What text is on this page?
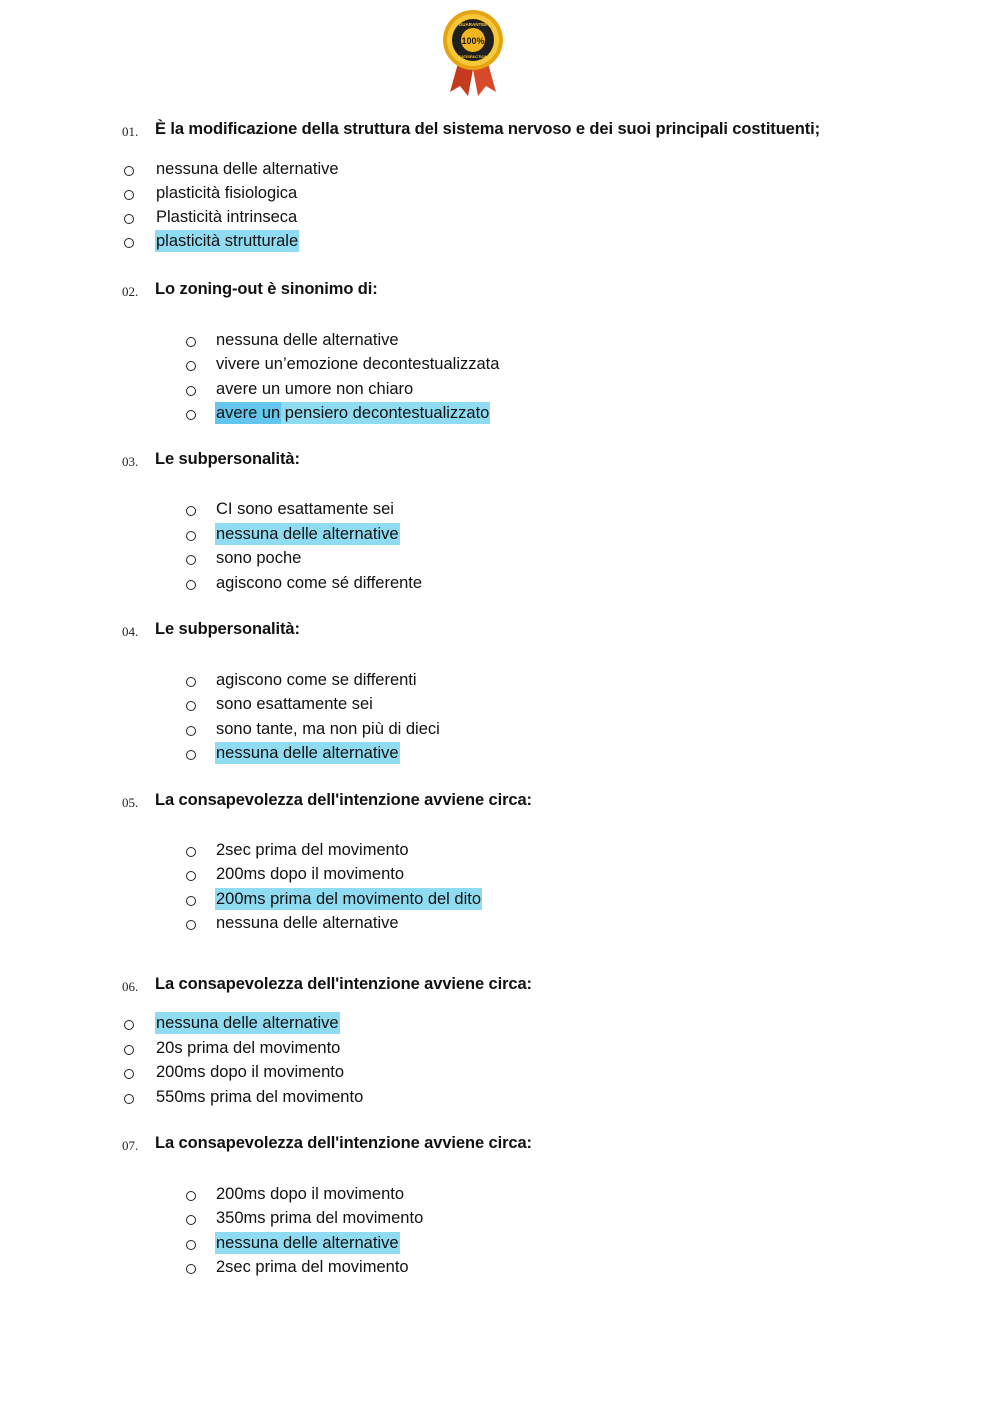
100%
GUARANTEE
SATISFACTION
01. È la modificazione della struttura del sistema nervoso e dei suoi principali costituenti;
nessuna delle alternative
plasticità fisiologica
Plasticità intrinseca
plasticità strutturale
02. Lo zoning-out è sinonimo di:
nessuna delle alternative
vivere un’emozione decontestualizzata
avere un umore non chiaro
avere un pensiero decontestualizzato
03. Le subpersonalità:
CI sono esattamente sei
nessuna delle alternative
sono poche
agiscono come sé differente
04. Le subpersonalità:
agiscono come se differenti
sono esattamente sei
sono tante, ma non più di dieci
nessuna delle alternative
05. La consapevolezza dell'intenzione avviene circa:
2sec prima del movimento
200ms dopo il movimento
200ms prima del movimento del dito
nessuna delle alternative
06. La consapevolezza dell'intenzione avviene circa:
nessuna delle alternative
20s prima del movimento
200ms dopo il movimento
550ms prima del movimento
07. La consapevolezza dell'intenzione avviene circa:
200ms dopo il movimento
350ms prima del movimento
nessuna delle alternative
2sec prima del movimento
